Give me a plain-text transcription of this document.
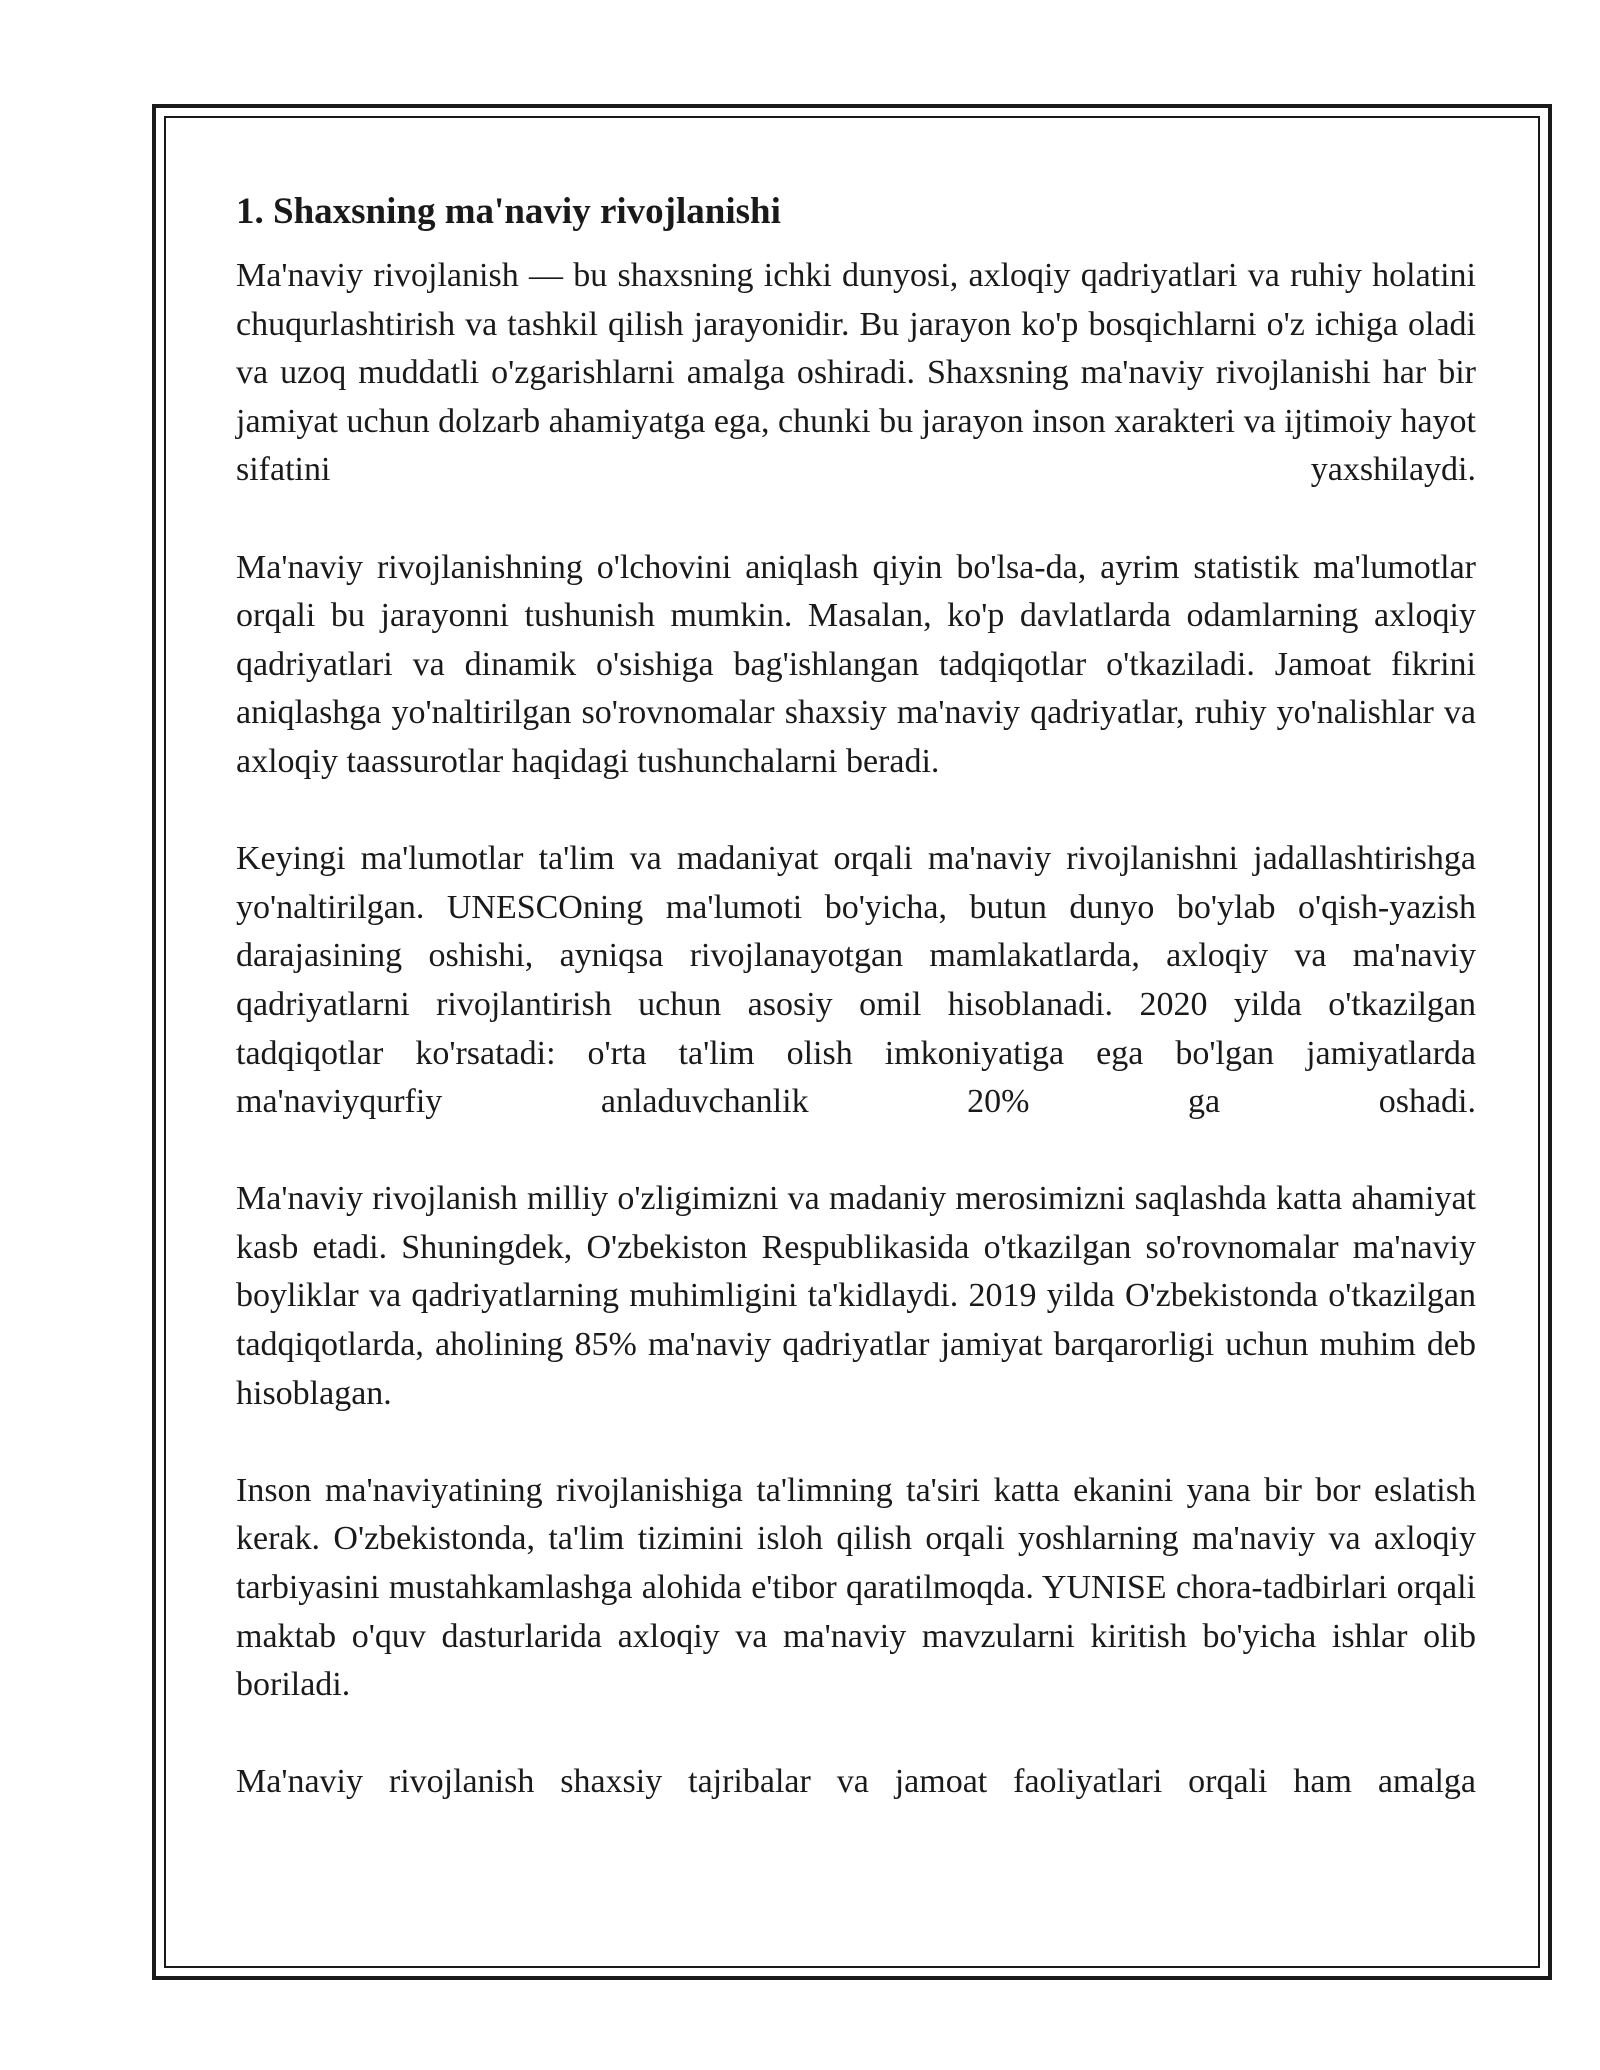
1. Shaxsning ma'naviy rivojlanishi

Ma'naviy rivojlanish — bu shaxsning ichki dunyosi, axloqiy qadriyatlari va ruhiy holatini chuqurlashtirish va tashkil qilish jarayonidir. Bu jarayon ko'p bosqichlarni o'z ichiga oladi va uzoq muddatli o'zgarishlarni amalga oshiradi. Shaxsning ma'naviy rivojlanishi har bir jamiyat uchun dolzarb ahamiyatga ega, chunki bu jarayon inson xarakteri va ijtimoiy hayot sifatini yaxshilaydi.

Ma'naviy rivojlanishning o'lchovini aniqlash qiyin bo'lsa-da, ayrim statistik ma'lumotlar orqali bu jarayonni tushunish mumkin. Masalan, ko'p davlatlarda odamlarning axloqiy qadriyatlari va dinamik o'sishiga bag'ishlangan tadqiqotlar o'tkaziladi. Jamoat fikrini aniqlashga yo'naltirilgan so'rovnomalar shaxsiy ma'naviy qadriyatlar, ruhiy yo'nalishlar va axloqiy taassurotlar haqidagi tushunchalarni beradi.

Keyingi ma'lumotlar ta'lim va madaniyat orqali ma'naviy rivojlanishni jadallashtirishga yo'naltirilgan. UNESCOning ma'lumoti bo'yicha, butun dunyo bo'ylab o'qish-yazish darajasining oshishi, ayniqsa rivojlanayotgan mamlakatlarda, axloqiy va ma'naviy qadriyatlarni rivojlantirish uchun asosiy omil hisoblanadi. 2020 yilda o'tkazilgan tadqiqotlar ko'rsatadi: o'rta ta'lim olish imkoniyatiga ega bo'lgan jamiyatlarda ma'naviyqurfiy anladuvchanlik 20% ga oshadi.

Ma'naviy rivojlanish milliy o'zligimizni va madaniy merosimizni saqlashda katta ahamiyat kasb etadi. Shuningdek, O'zbekiston Respublikasida o'tkazilgan so'rovnomalar ma'naviy boyliklar va qadriyatlarning muhimligini ta'kidlaydi. 2019 yilda O'zbekistonda o'tkazilgan tadqiqotlarda, aholining 85% ma'naviy qadriyatlar jamiyat barqarorligi uchun muhim deb hisoblagan.

Inson ma'naviyatining rivojlanishiga ta'limning ta'siri katta ekanini yana bir bor eslatish kerak. O'zbekistonda, ta'lim tizimini isloh qilish orqali yoshlarning ma'naviy va axloqiy tarbiyasini mustahkamlashga alohida e'tibor qaratilmoqda. YUNISE chora-tadbirlari orqali maktab o'quv dasturlarida axloqiy va ma'naviy mavzularni kiritish bo'yicha ishlar olib boriladi.

Ma'naviy rivojlanish shaxsiy tajribalar va jamoat faoliyatlari orqali ham amalga
